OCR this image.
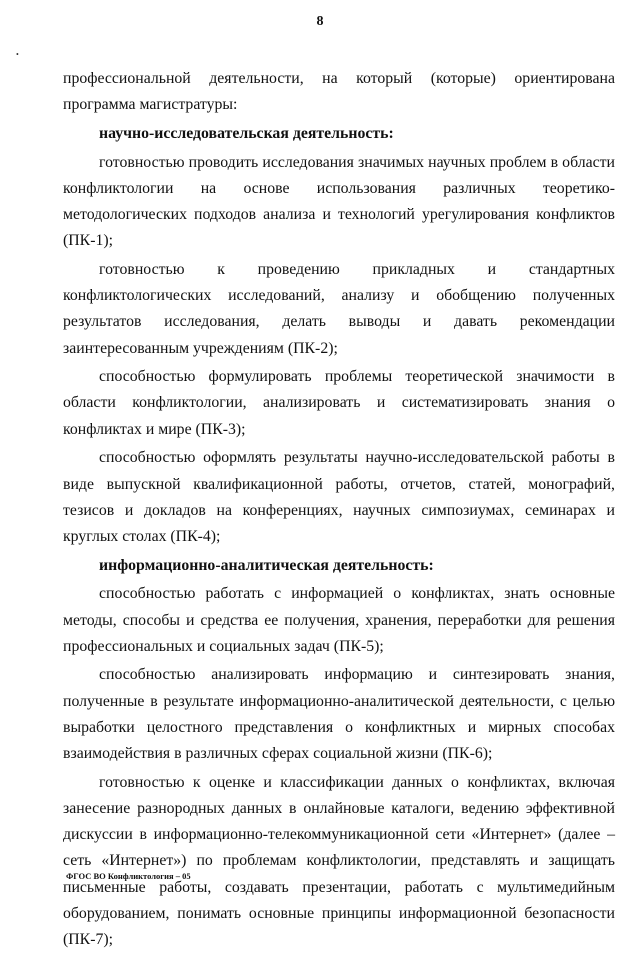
8
•

профессиональной деятельности, на который (которые) ориентирована программа магистратуры:

научно-исследовательская деятельность:

готовностью проводить исследования значимых научных проблем в области конфликтологии на основе использования различных теоретико-методологических подходов анализа и технологий урегулирования конфликтов (ПК-1);

готовностью к проведению прикладных и стандартных конфликтологических исследований, анализу и обобщению полученных результатов исследования, делать выводы и давать рекомендации заинтересованным учреждениям (ПК-2);

способностью формулировать проблемы теоретической значимости в области конфликтологии, анализировать и систематизировать знания о конфликтах и мире (ПК-3);

способностью оформлять результаты научно-исследовательской работы в виде выпускной квалификационной работы, отчетов, статей, монографий, тезисов и докладов на конференциях, научных симпозиумах, семинарах и круглых столах (ПК-4);

информационно-аналитическая деятельность:

способностью работать с информацией о конфликтах, знать основные методы, способы и средства ее получения, хранения, переработки для решения профессиональных и социальных задач (ПК-5);

способностью анализировать информацию и синтезировать знания, полученные в результате информационно-аналитической деятельности, с целью выработки целостного представления о конфликтных и мирных способах взаимодействия в различных сферах социальной жизни (ПК-6);

готовностью к оценке и классификации данных о конфликтах, включая занесение разнородных данных в онлайновые каталоги, ведению эффективной дискуссии в информационно-телекоммуникационной сети «Интернет» (далее – сеть «Интернет») по проблемам конфликтологии, представлять и защищать письменные работы, создавать презентации, работать с мультимедийным оборудованием, понимать основные принципы информационной безопасности (ПК-7);

ФГОС ВО Конфликтология – 05
